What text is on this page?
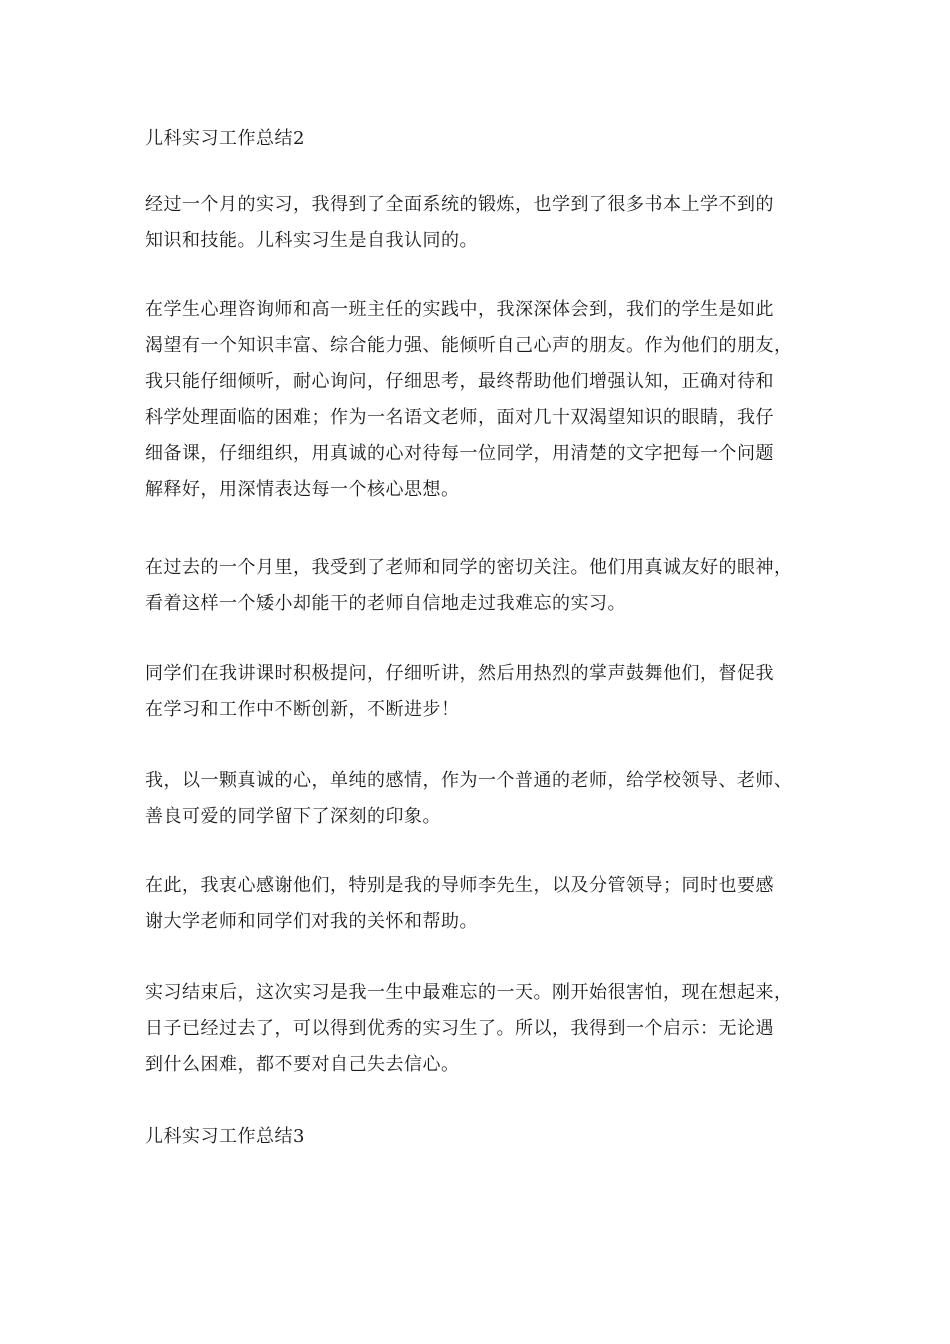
儿科实习工作总结2

经过一个月的实习，我得到了全面系统的锻炼，也学到了很多书本上学不到的
知识和技能。儿科实习生是自我认同的。

在学生心理咨询师和高一班主任的实践中，我深深体会到，我们的学生是如此
渴望有一个知识丰富、综合能力强、能倾听自己心声的朋友。作为他们的朋友，
我只能仔细倾听，耐心询问，仔细思考，最终帮助他们增强认知，正确对待和
科学处理面临的困难；作为一名语文老师，面对几十双渴望知识的眼睛，我仔
细备课，仔细组织，用真诚的心对待每一位同学，用清楚的文字把每一个问题
解释好，用深情表达每一个核心思想。

在过去的一个月里，我受到了老师和同学的密切关注。他们用真诚友好的眼神，
看着这样一个矮小却能干的老师自信地走过我难忘的实习。

同学们在我讲课时积极提问，仔细听讲，然后用热烈的掌声鼓舞他们，督促我
在学习和工作中不断创新，不断进步！

我，以一颗真诚的心，单纯的感情，作为一个普通的老师，给学校领导、老师、
善良可爱的同学留下了深刻的印象。

在此，我衷心感谢他们，特别是我的导师李先生，以及分管领导；同时也要感
谢大学老师和同学们对我的关怀和帮助。

实习结束后，这次实习是我一生中最难忘的一天。刚开始很害怕，现在想起来，
日子已经过去了，可以得到优秀的实习生了。所以，我得到一个启示：无论遇
到什么困难，都不要对自己失去信心。

儿科实习工作总结3
